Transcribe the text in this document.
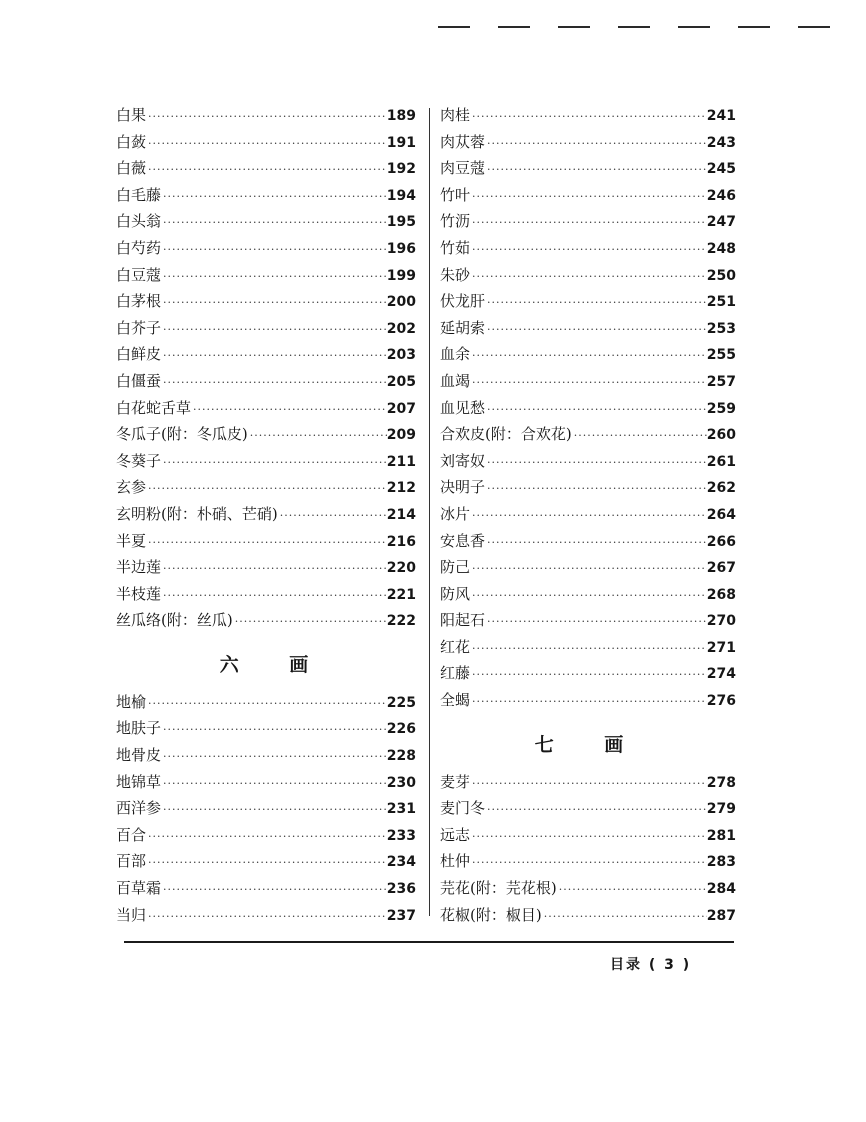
白果 ·····	189
白蔹 ·····	191
白薇 ·····	192
白毛藤 ·····	194
白头翁 ·····	195
白芍药 ·····	196
白豆蔻 ·····	199
白茅根 ·····	200
白芥子 ·····	202
白鲜皮 ·····	203
白僵蚕 ·····	205
白花蛇舌草 ·····	207
冬瓜子(附：冬瓜皮) ·····	209
冬葵子 ·····	211
玄参 ·····	212
玄明粉(附：朴硝、芒硝) ·····	214
半夏 ·····	216
半边莲 ·····	220
半枝莲 ·····	221
丝瓜络(附：丝瓜) ·····	222
六 画
地榆 ·····	225
地肤子 ·····	226
地骨皮 ·····	228
地锦草 ·····	230
西洋参 ·····	231
百合 ·····	233
百部 ·····	234
百草霜 ·····	236
当归 ·····	237
肉桂 ·····	241
肉苁蓉 ·····	243
肉豆蔻 ·····	245
竹叶 ·····	246
竹沥 ·····	247
竹茹 ·····	248
朱砂 ·····	250
伏龙肝 ·····	251
延胡索 ·····	253
血余 ·····	255
血竭 ·····	257
血见愁 ·····	259
合欢皮(附：合欢花) ·····	260
刘寄奴 ·····	261
决明子 ·····	262
冰片 ·····	264
安息香 ·····	266
防己 ·····	267
防风 ·····	268
阳起石 ·····	270
红花 ·····	271
红藤 ·····	274
全蝎 ·····	276
七 画
麦芽 ·····	278
麦门冬 ·····	279
远志 ·····	281
杜仲 ·····	283
芫花(附：芫花根) ·····	284
花椒(附：椒目) ·····	287
目录 ( 3 )
